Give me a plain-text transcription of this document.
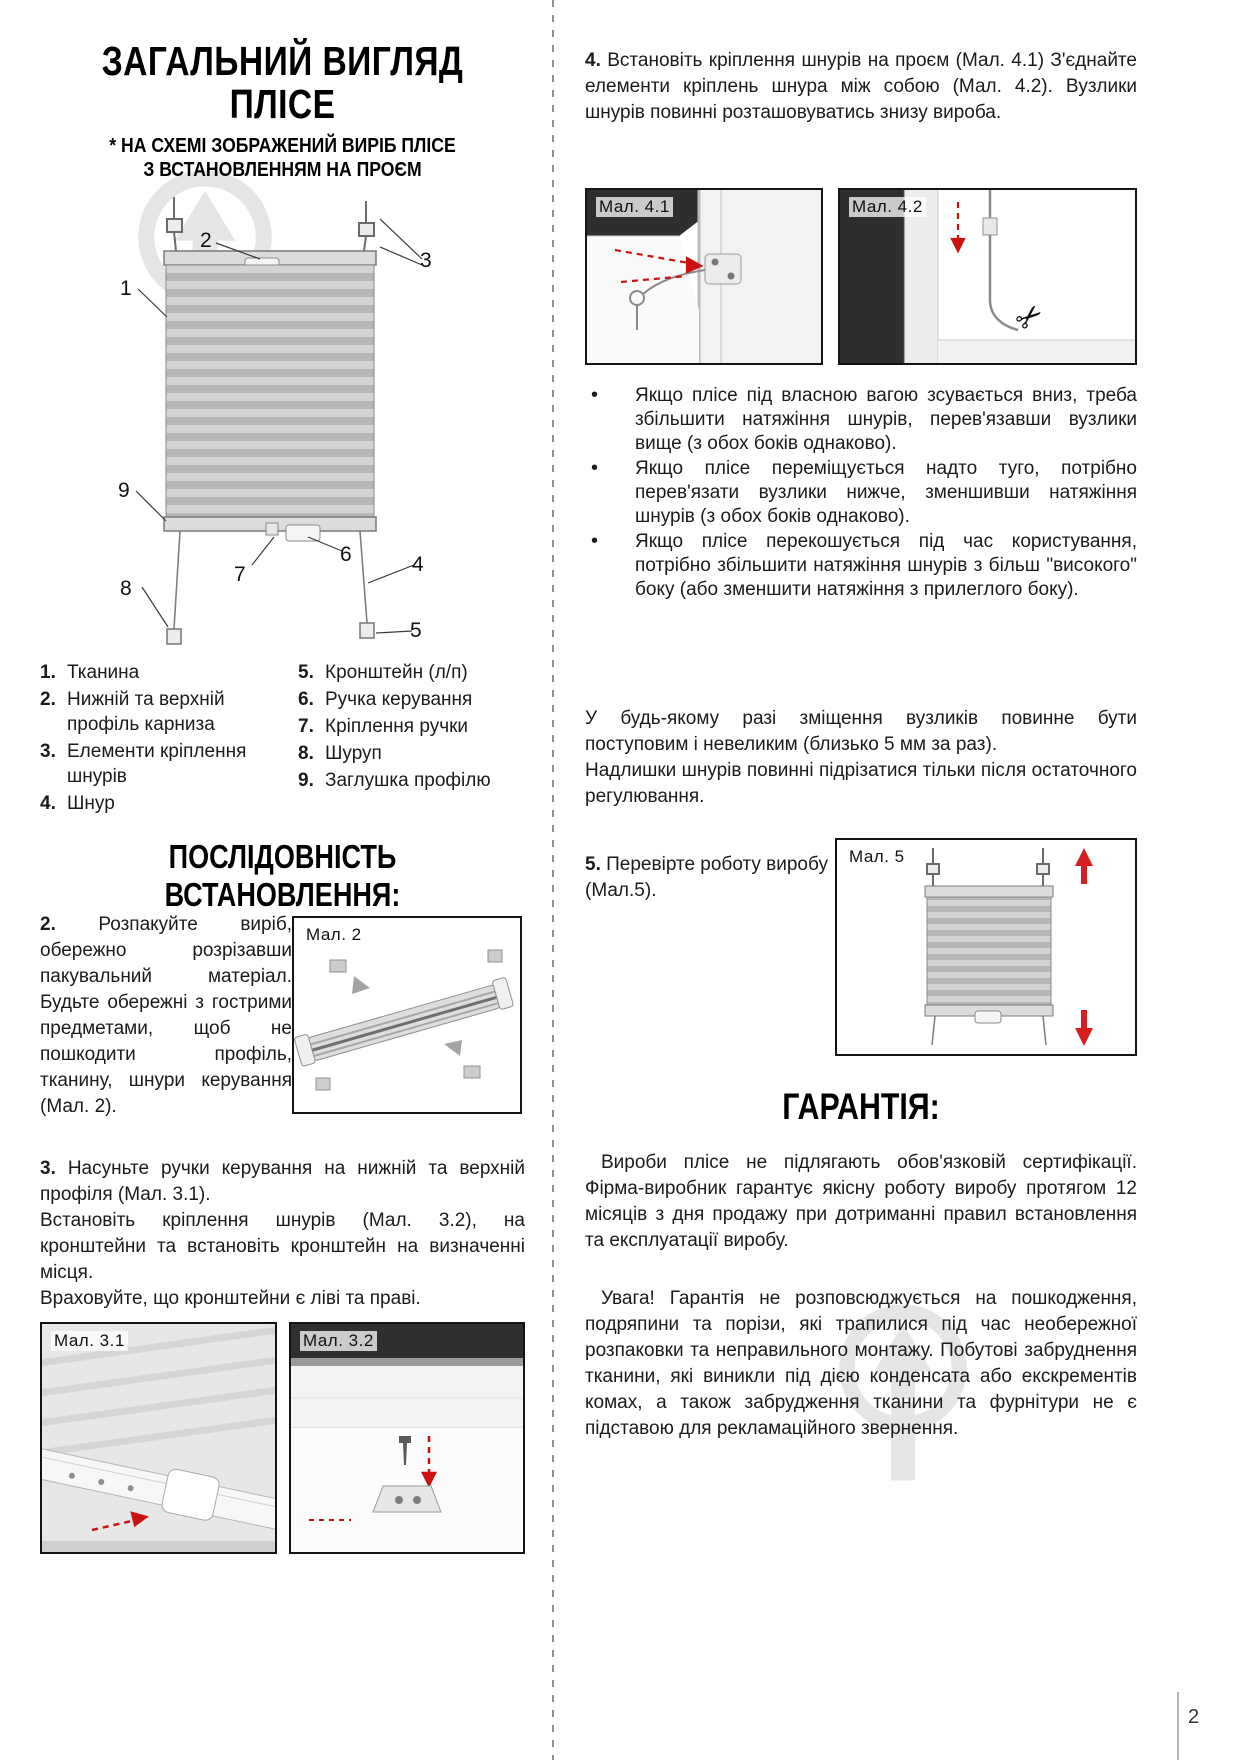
ЗАГАЛЬНИЙ ВИГЛЯД
ПЛІСЕ
* НА СХЕМІ ЗОБРАЖЕНИЙ ВИРІБ ПЛІСЕ
З ВСТАНОВЛЕННЯМ НА ПРОЄМ
1
2
3
4
5
6
7
8
9
1. Тканина
2. Нижній та верхній профіль карниза
3. Елементи кріплення шнурів
4. Шнур
5. Кронштейн (л/п)
6. Ручка керування
7. Кріплення ручки
8. Шуруп
9. Заглушка профілю
ПОСЛІДОВНІСТЬ ВСТАНОВЛЕННЯ:

2. Розпакуйте виріб, обережно розрізавши пакувальний матеріал. Будьте обережні з гострими предметами, щоб не пошкодити профіль, тканину, шнури керування (Мал. 2).

Мал. 2

3. Насуньте ручки керування на нижній та верхній профіля (Мал. 3.1).

Встановіть кріплення шнурів (Мал. 3.2), на кронштейни та встановіть кронштейн на визначенні місця.

Враховуйте, що кронштейни є ліві та праві.

Мал. 3.1	Мал. 3.2

4. Встановіть кріплення шнурів на проєм (Мал. 4.1) З'єднайте елементи кріплень шнура між собою (Мал. 4.2). Вузлики шнурів повинні розташовуватись знизу вироба.

Мал. 4.1	Мал. 4.2
✂
• Якщо плісе під власною вагою зсувається вниз, треба збільшити натяжіння шнурів, перев'язавши вузлики вище (з обох боків однаково).
• Якщо плісе переміщується надто туго, потрібно перев'язати вузлики нижче, зменшивши натяжіння шнурів (з обох боків однаково).
• Якщо плісе перекошується під час користування, потрібно збільшити натяжіння шнурів з більш "високого" боку (або зменшити натяжіння з прилеглого боку).

У будь-якому разі зміщення вузликів повинне бути поступовим і невеликим (близько 5 мм за раз).

Надлишки шнурів повинні підрізатися тільки після остаточного регулювання.

5. Перевірте роботу виробу (Мал.5).

Мал. 5
ГАРАНТІЯ:

Вироби плісе не підлягають обов'язковій сертифікації. Фірма-виробник гарантує якісну роботу виробу протягом 12 місяців з дня продажу при дотриманні правил встановлення та експлуатації виробу.

Увага! Гарантія не розповсюджується на пошкодження, подряпини та порізи, які трапилися під час необережної розпаковки та неправильного монтажу. Побутові забруднення тканини, які виникли під дією конденсата або екскрементів комах, а також забрудження тканини та фурнітури не є підставою для рекламаційного звернення.

2
